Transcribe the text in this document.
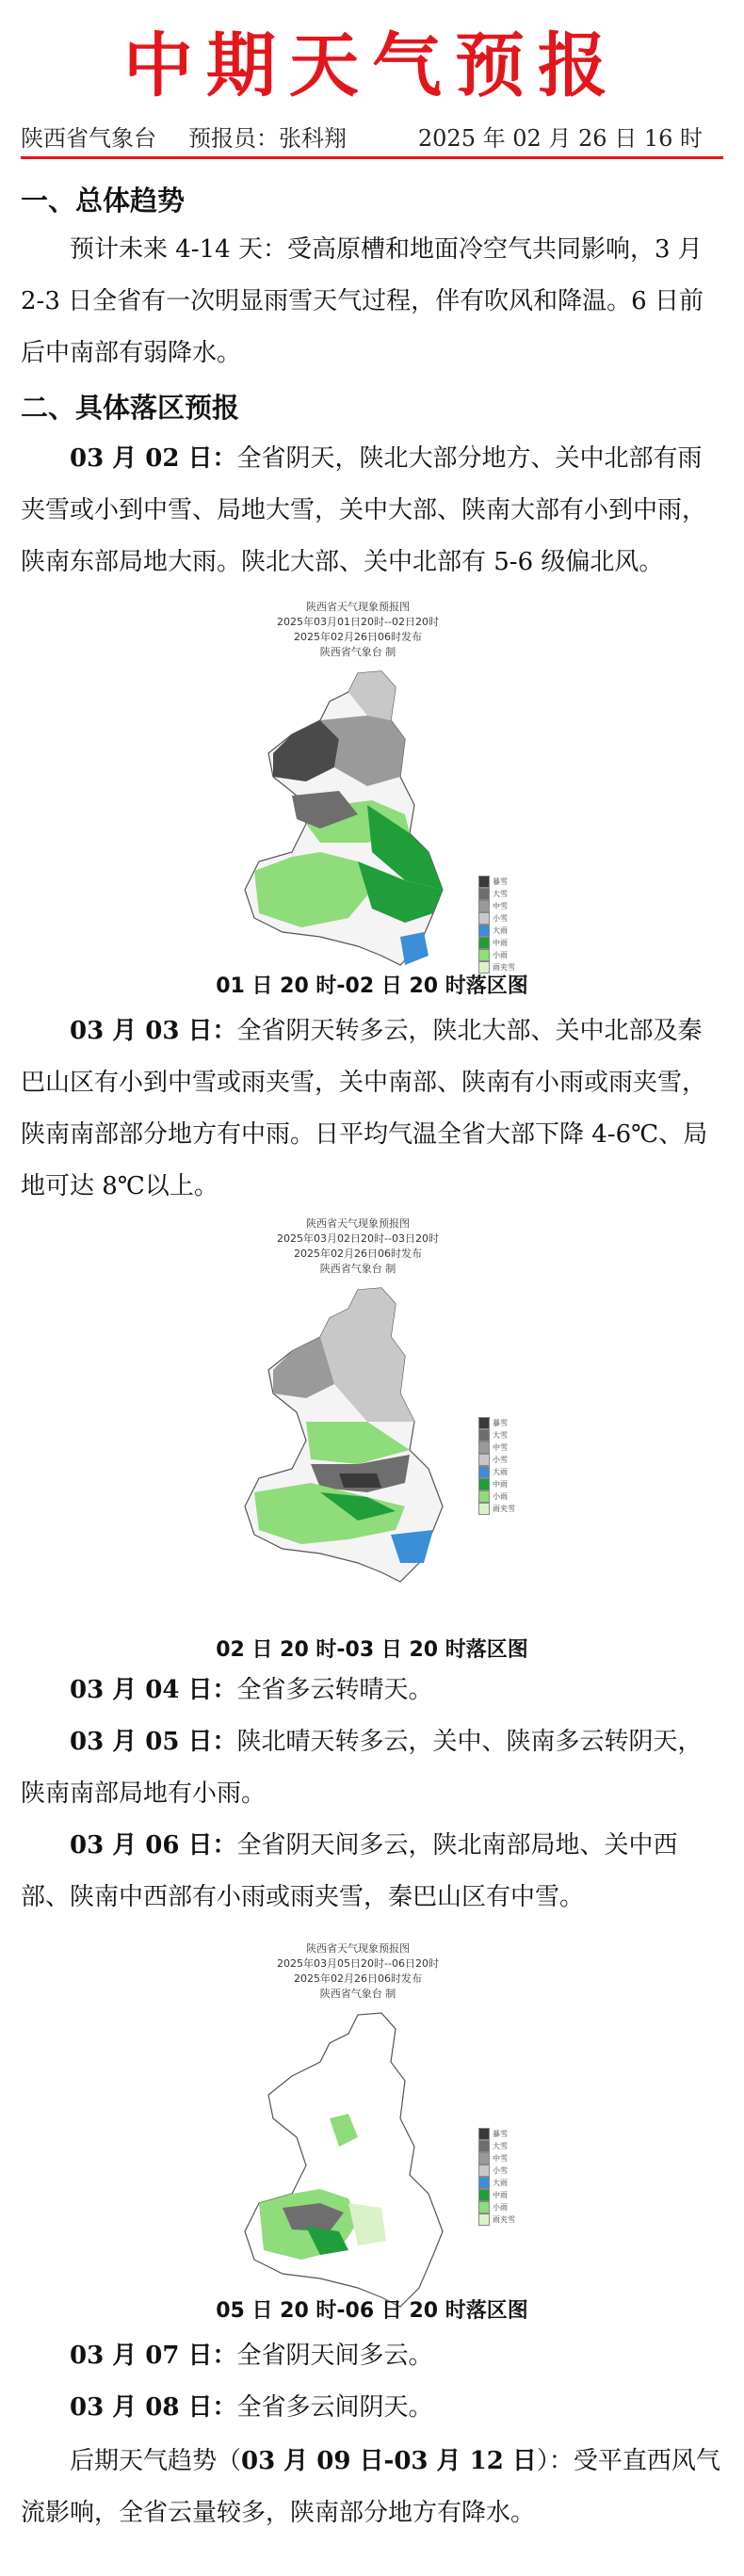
中期天气预报
陕西省气象台 预报员：张科翔	2025 年 02 月 26 日 16 时
一、总体趋势
预计未来 4-14 天：受高原槽和地面冷空气共同影响，3 月 2-3 日全省有一次明显雨雪天气过程，伴有吹风和降温。6 日前后中南部有弱降水。
二、具体落区预报
03 月 02 日：全省阴天，陕北大部分地方、关中北部有雨夹雪或小到中雪、局地大雪，关中大部、陕南大部有小到中雨，陕南东部局地大雨。陕北大部、关中北部有 5-6 级偏北风。
陕西省天气现象预报图
2025年03月01日20时--02日20时
2025年02月26日06时发布
陕西省气象台 制
暴雪
大雪
中雪
小雪
大雨
中雨
小雨
雨夹雪
01 日 20 时-02 日 20 时落区图
03 月 03 日：全省阴天转多云，陕北大部、关中北部及秦巴山区有小到中雪或雨夹雪，关中南部、陕南有小雨或雨夹雪，陕南南部部分地方有中雨。日平均气温全省大部下降 4-6℃、局地可达 8℃以上。
陕西省天气现象预报图
2025年03月02日20时--03日20时
2025年02月26日06时发布
陕西省气象台 制
暴雪
大雪
中雪
小雪
大雨
中雨
小雨
雨夹雪
02 日 20 时-03 日 20 时落区图
03 月 04 日：全省多云转晴天。
03 月 05 日：陕北晴天转多云，关中、陕南多云转阴天，陕南南部局地有小雨。
03 月 06 日：全省阴天间多云，陕北南部局地、关中西部、陕南中西部有小雨或雨夹雪，秦巴山区有中雪。
陕西省天气现象预报图
2025年03月05日20时--06日20时
2025年02月26日06时发布
陕西省气象台 制
暴雪
大雪
中雪
小雪
大雨
中雨
小雨
雨夹雪
05 日 20 时-06 日 20 时落区图
03 月 07 日：全省阴天间多云。
03 月 08 日：全省多云间阴天。
后期天气趋势（03 月 09 日-03 月 12 日）：受平直西风气流影响，全省云量较多，陕南部分地方有降水。
